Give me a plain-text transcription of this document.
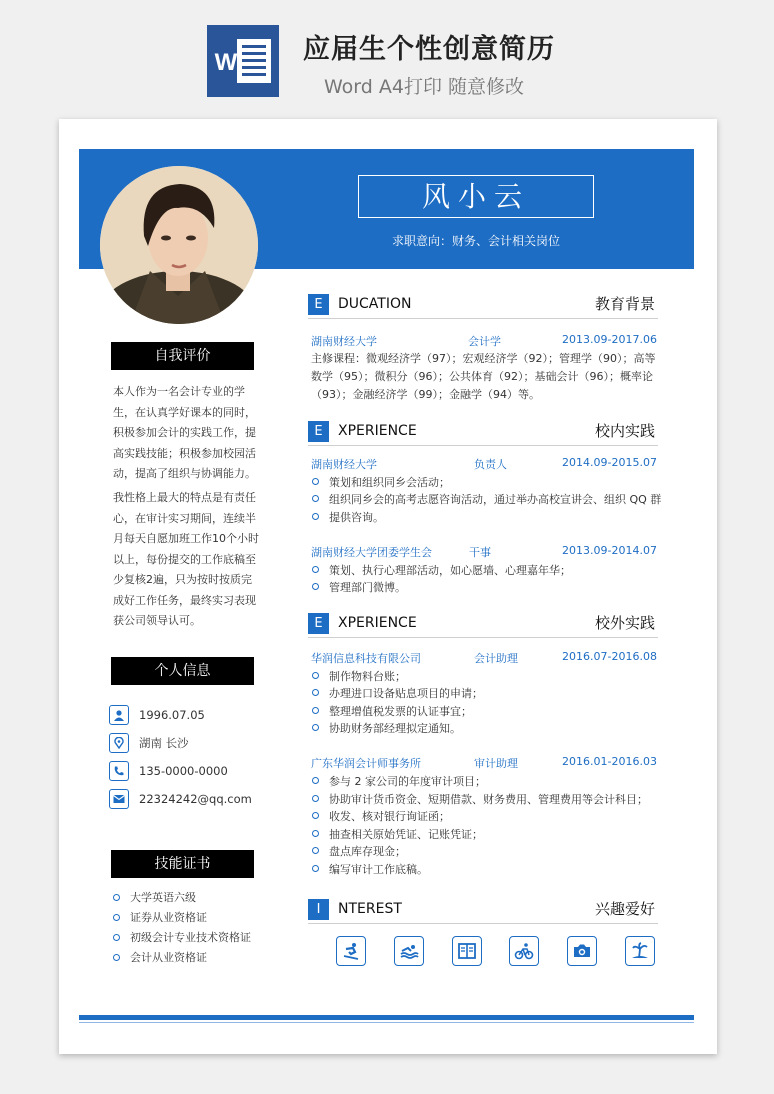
W 应届生个性创意简历
Word A4打印 随意修改
风小云
求职意向：财务、会计相关岗位
自我评价
本人作为一名会计专业的学生，在认真学好课本的同时，积极参加会计的实践工作，提高实践技能；积极参加校园活动，提高了组织与协调能力。
我性格上最大的特点是有责任心，在审计实习期间，连续半月每天自愿加班工作10个小时以上，每份提交的工作底稿至少复核2遍，只为按时按质完成好工作任务，最终实习表现获公司领导认可。
个人信息
1996.07.05
湖南 长沙
135-0000-0000
22324242@qq.com
技能证书
大学英语六级
证券从业资格证
初级会计专业技术资格证
会计从业资格证
E	DUCATION	教育背景
湖南财经大学	会计学	2013.09-2017.06
主修课程：微观经济学（97）；宏观经济学（92）；管理学（90）；高等数学（95）；微积分（96）；公共体育（92）；基础会计（96）；概率论（93）；金融经济学（99）；金融学（94）等。
E	XPERIENCE	校内实践
湖南财经大学	负责人	2014.09-2015.07
策划和组织同乡会活动；
组织同乡会的高考志愿咨询活动，通过举办高校宣讲会、组织 QQ 群
提供咨询。
湖南财经大学团委学生会	干事	2013.09-2014.07
策划、执行心理部活动，如心愿墙、心理嘉年华；
管理部门微博。
E	XPERIENCE	校外实践
华润信息科技有限公司	会计助理	2016.07-2016.08
制作物料台账；
办理进口设备贴息项目的申请；
整理增值税发票的认证事宜；
协助财务部经理拟定通知。
广东华润会计师事务所	审计助理	2016.01-2016.03
参与 2 家公司的年度审计项目；
协助审计货币资金、短期借款、财务费用、管理费用等会计科目；
收发、核对银行询证函；
抽查相关原始凭证、记账凭证；
盘点库存现金；
编写审计工作底稿。
I	NTEREST	兴趣爱好
